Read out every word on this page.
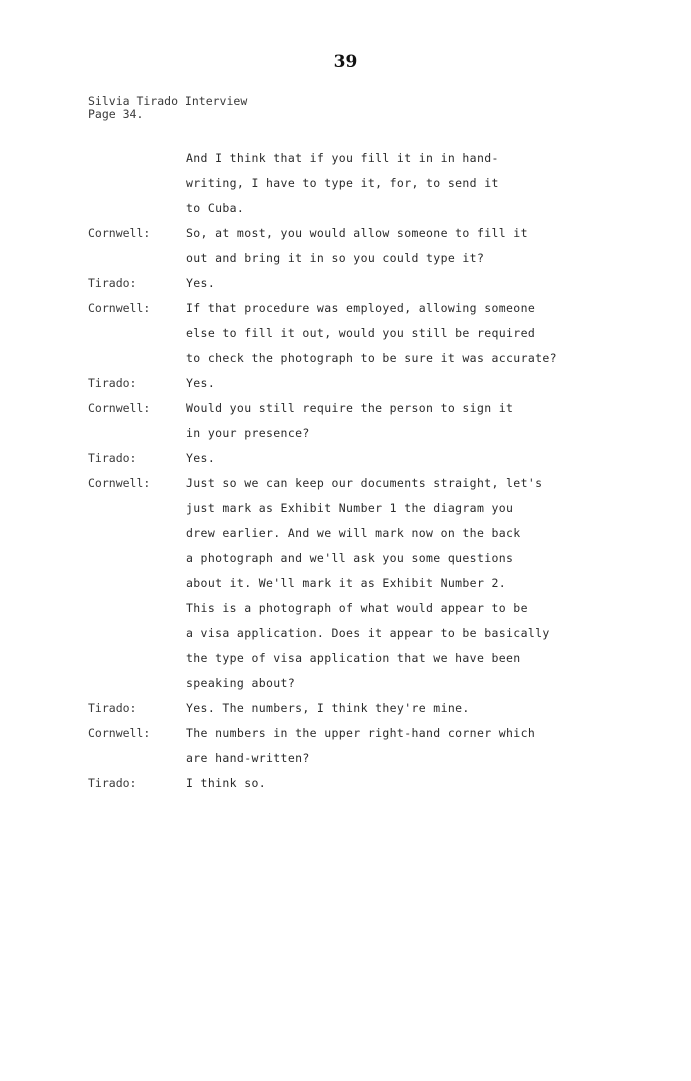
39
Silvia Tirado Interview
Page 34.
And I think that if you fill it in in hand-
writing, I have to type it, for, to send it
to Cuba.
Cornwell:	So, at most, you would allow someone to fill it
out and bring it in so you could type it?
Tirado:	Yes.
Cornwell:	If that procedure was employed, allowing someone
else to fill it out, would you still be required
to check the photograph to be sure it was accurate?
Tirado:	Yes.
Cornwell:	Would you still require the person to sign it
in your presence?
Tirado:	Yes.
Cornwell:	Just so we can keep our documents straight, let's
just mark as Exhibit Number 1 the diagram you
drew earlier. And we will mark now on the back
a photograph and we'll ask you some questions
about it. We'll mark it as Exhibit Number 2.
This is a photograph of what would appear to be
a visa application. Does it appear to be basically
the type of visa application that we have been
speaking about?
Tirado:	Yes. The numbers, I think they're mine.
Cornwell:	The numbers in the upper right-hand corner which
are hand-written?
Tirado:	I think so.
